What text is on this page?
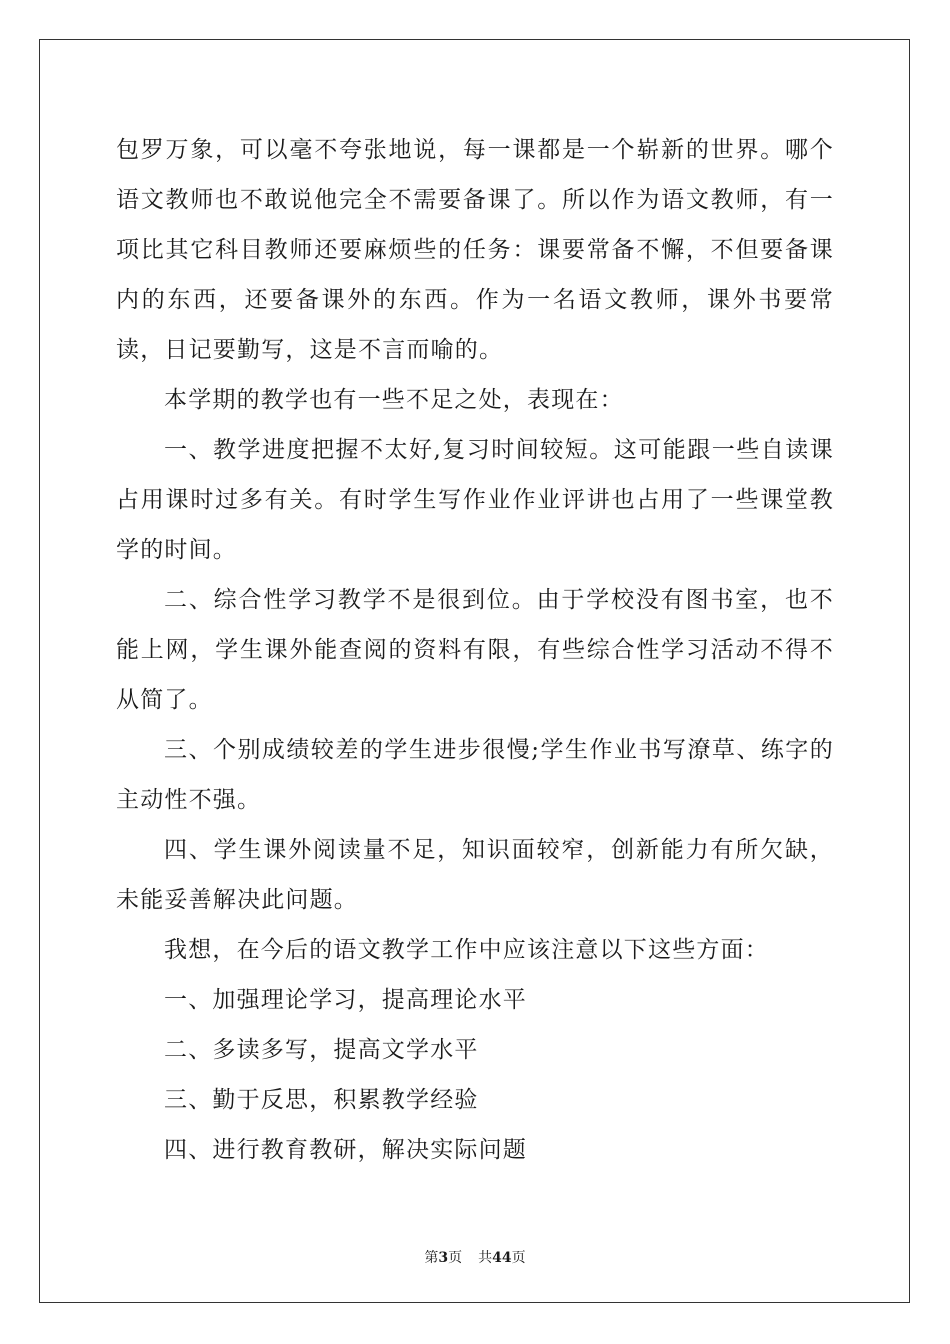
包罗万象，可以毫不夸张地说，每一课都是一个崭新的世界。哪个语文教师也不敢说他完全不需要备课了。所以作为语文教师，有一项比其它科目教师还要麻烦些的任务：课要常备不懈，不但要备课内的东西，还要备课外的东西。作为一名语文教师，课外书要常读，日记要勤写，这是不言而喻的。

本学期的教学也有一些不足之处，表现在：

一、教学进度把握不太好,复习时间较短。这可能跟一些自读课占用课时过多有关。有时学生写作业作业评讲也占用了一些课堂教学的时间。

二、综合性学习教学不是很到位。由于学校没有图书室，也不能上网，学生课外能查阅的资料有限，有些综合性学习活动不得不从简了。

三、个别成绩较差的学生进步很慢;学生作业书写潦草、练字的主动性不强。

四、学生课外阅读量不足，知识面较窄，创新能力有所欠缺，未能妥善解决此问题。

我想，在今后的语文教学工作中应该注意以下这些方面：

一、加强理论学习，提高理论水平

二、多读多写，提高文学水平

三、勤于反思，积累教学经验

四、进行教育教研，解决实际问题

第3页 共44页
